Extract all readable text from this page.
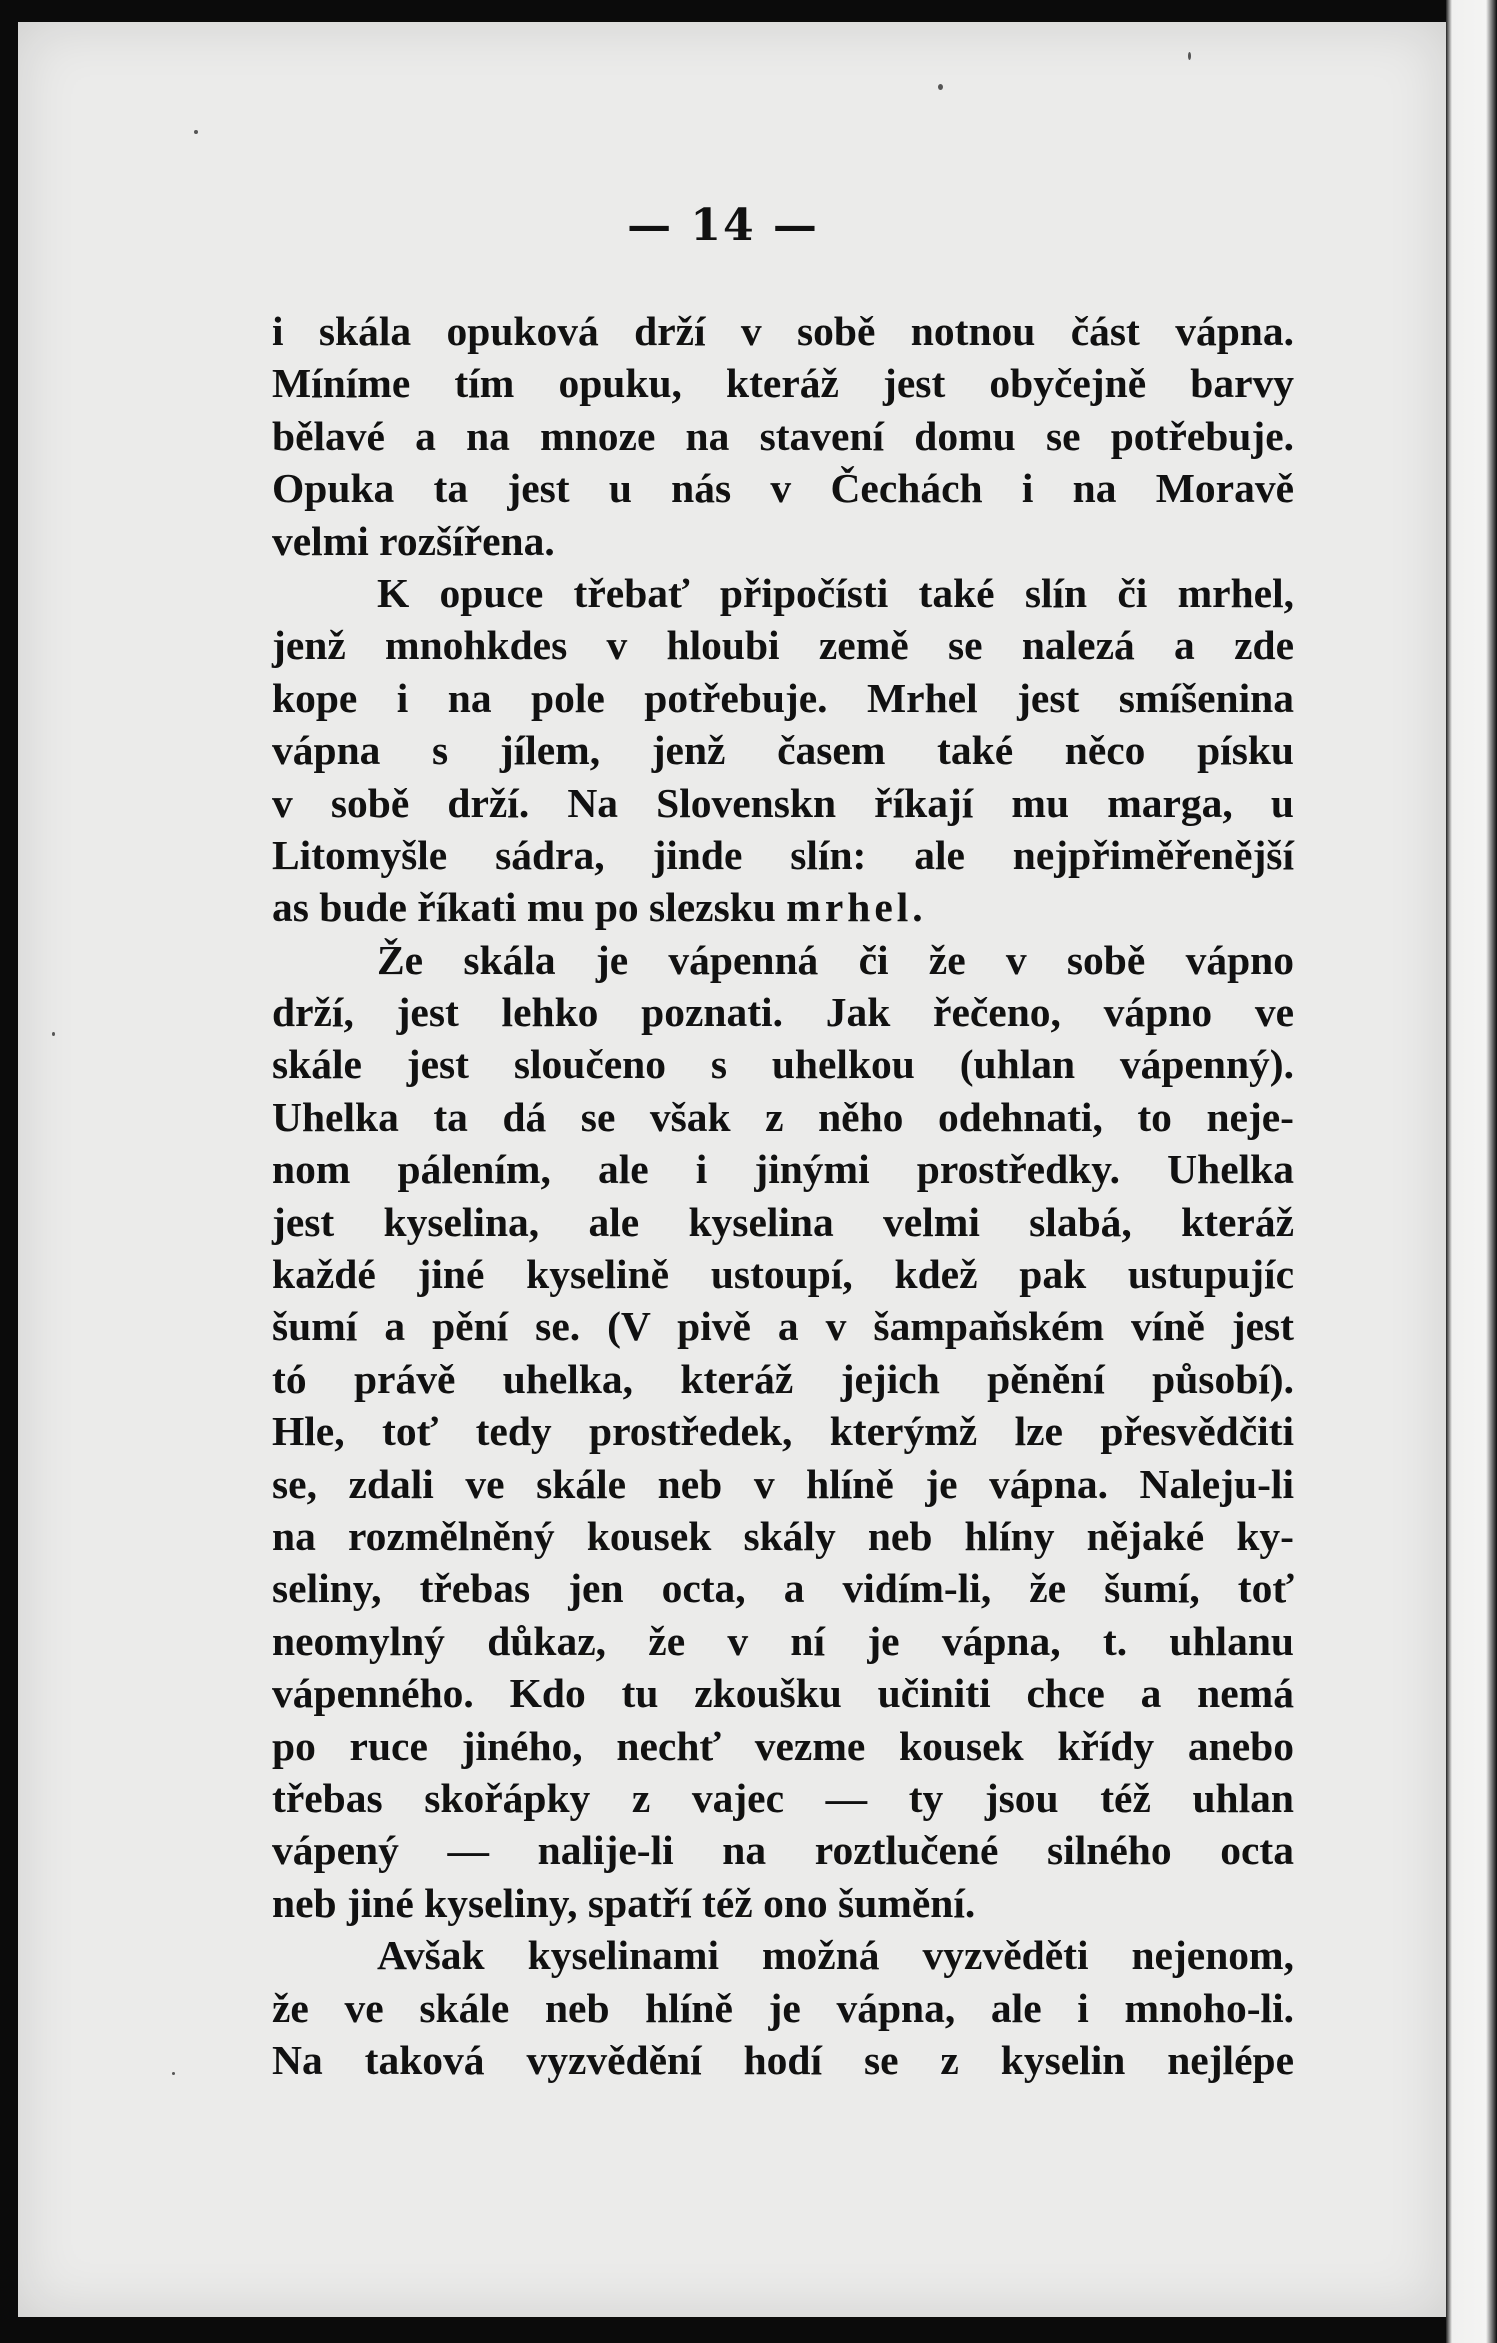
— 14 —
i skála opuková drží v sobě notnou část vápna.
Míníme tím opuku, kteráž jest obyčejně barvy
bělavé a na mnoze na stavení domu se potřebuje.
Opuka ta jest u nás v Čechách i na Moravě
velmi rozšířena.
K opuce třebať připočísti také slín či mrhel,
jenž mnohkdes v hloubi země se nalezá a zde
kope i na pole potřebuje. Mrhel jest smíšenina
vápna s jílem, jenž časem také něco písku
v sobě drží. Na Slovenskn říkají mu marga, u
Litomyšle sádra, jinde slín: ale nejpřiměřenější
as bude říkati mu po slezsku mrhel.
Že skála je vápenná či že v sobě vápno
drží, jest lehko poznati. Jak řečeno, vápno ve
skále jest sloučeno s uhelkou (uhlan vápenný).
Uhelka ta dá se však z něho odehnati, to neje-
nom pálením, ale i jinými prostředky. Uhelka
jest kyselina, ale kyselina velmi slabá, kteráž
každé jiné kyselině ustoupí, kdež pak ustupujíc
šumí a pění se. (V pivě a v šampaňském víně jest
tó právě uhelka, kteráž jejich pěnění působí).
Hle, toť tedy prostředek, kterýmž lze přesvědčiti
se, zdali ve skále neb v hlíně je vápna. Naleju-li
na rozmělněný kousek skály neb hlíny nějaké ky-
seliny, třebas jen octa, a vidím-li, že šumí, toť
neomylný důkaz, že v ní je vápna, t. uhlanu
vápenného. Kdo tu zkoušku učiniti chce a nemá
po ruce jiného, nechť vezme kousek křídy anebo
třebas skořápky z vajec — ty jsou též uhlan
vápený — nalije-li na roztlučené silného octa
neb jiné kyseliny, spatří též ono šumění.
Avšak kyselinami možná vyzvěděti nejenom,
že ve skále neb hlíně je vápna, ale i mnoho-li.
Na taková vyzvědění hodí se z kyselin nejlépe
